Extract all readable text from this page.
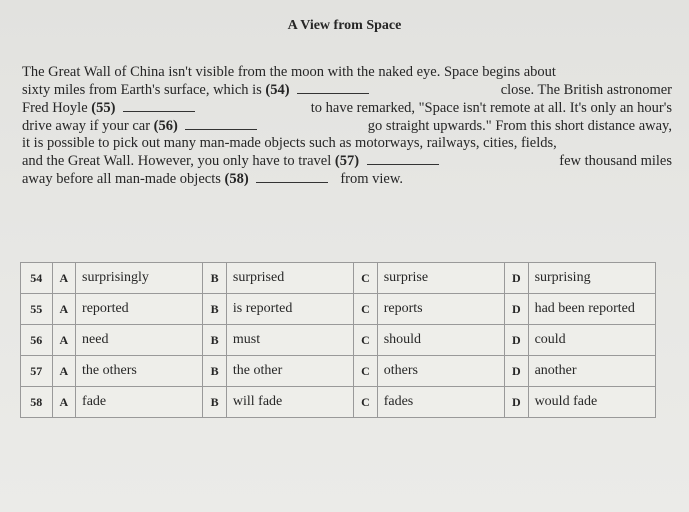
A View from Space
The Great Wall of China isn't visible from the moon with the naked eye. Space begins about
sixty miles from Earth's surface, which is (54)	close. The British astronomer
Fred Hoyle (55)	to have remarked, "Space isn't remote at all. It's only an hour's
drive away if your car (56)	go straight upwards." From this short distance away,
it is possible to pick out many man-made objects such as motorways, railways, cities, fields,
and the Great Wall. However, you only have to travel (57)	few thousand miles
away before all man-made objects (58)	from view.
54	A	surprisingly	B	surprised	C	surprise	D	surprising
55	A	reported	B	is reported	C	reports	D	had been reported
56	A	need	B	must	C	should	D	could
57	A	the others	B	the other	C	others	D	another
58	A	fade	B	will fade	C	fades	D	would fade
